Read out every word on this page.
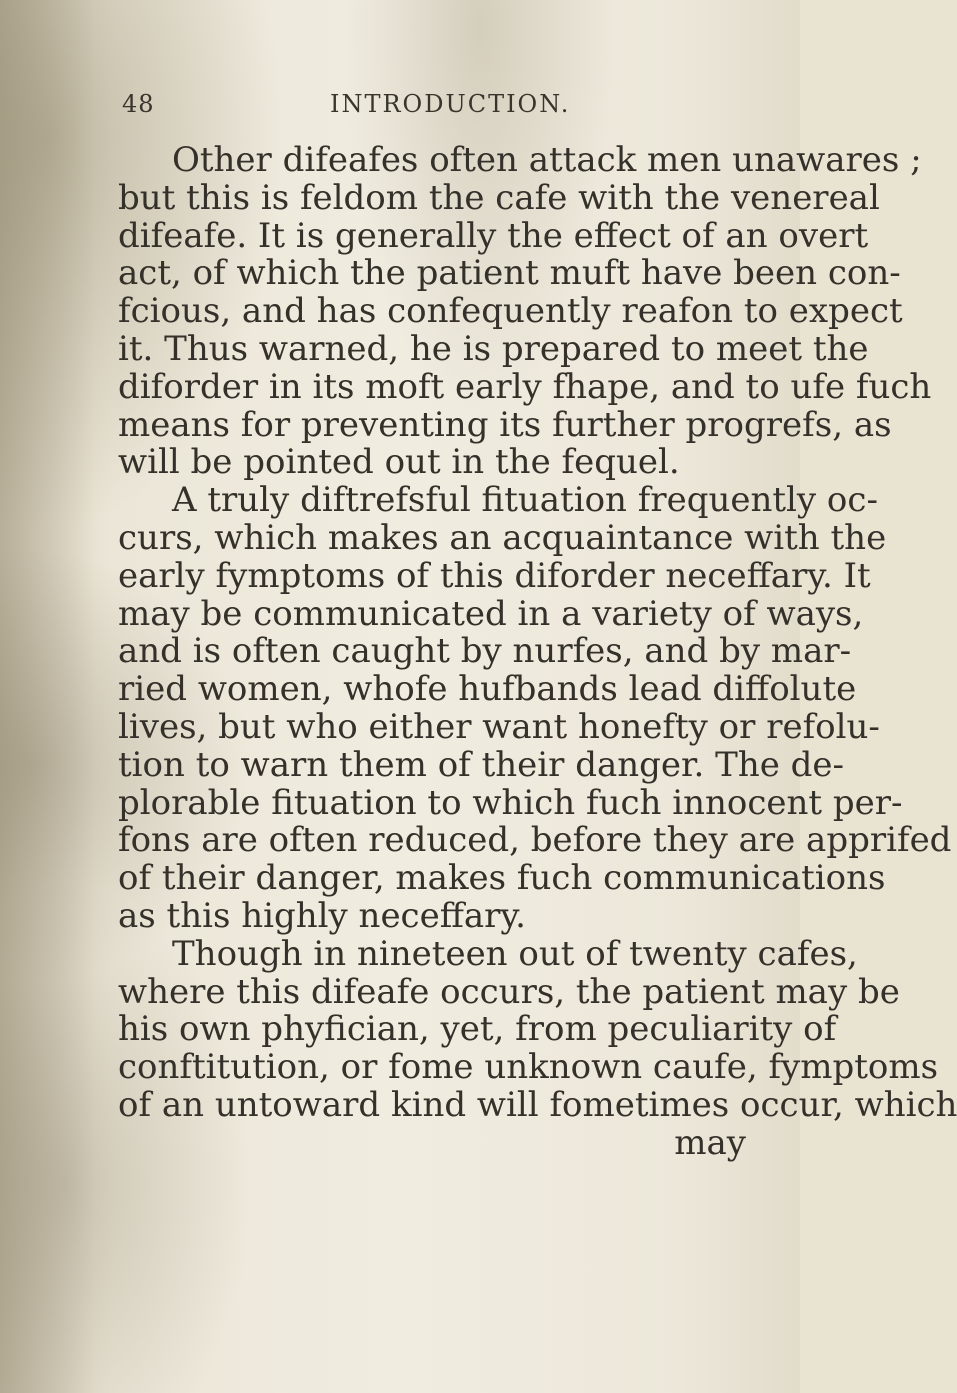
48	INTRODUCTION.
Other difeafes often attack men unawares ;
but this is feldom the cafe with the venereal
difeafe. It is generally the effect of an overt
act, of which the patient muft have been con-
fcious, and has confequently reafon to expect
it. Thus warned, he is prepared to meet the
diforder in its moft early fhape, and to ufe fuch
means for preventing its further progrefs, as
will be pointed out in the fequel.
A truly diftrefsful fituation frequently oc-
curs, which makes an acquaintance with the
early fymptoms of this diforder neceffary. It
may be communicated in a variety of ways,
and is often caught by nurfes, and by mar-
ried women, whofe hufbands lead diffolute
lives, but who either want honefty or refolu-
tion to warn them of their danger. The de-
plorable fituation to which fuch innocent per-
fons are often reduced, before they are apprifed
of their danger, makes fuch communications
as this highly neceffary.
Though in nineteen out of twenty cafes,
where this difeafe occurs, the patient may be
his own phyfician, yet, from peculiarity of
conftitution, or fome unknown caufe, fymptoms
of an untoward kind will fometimes occur, which
may
